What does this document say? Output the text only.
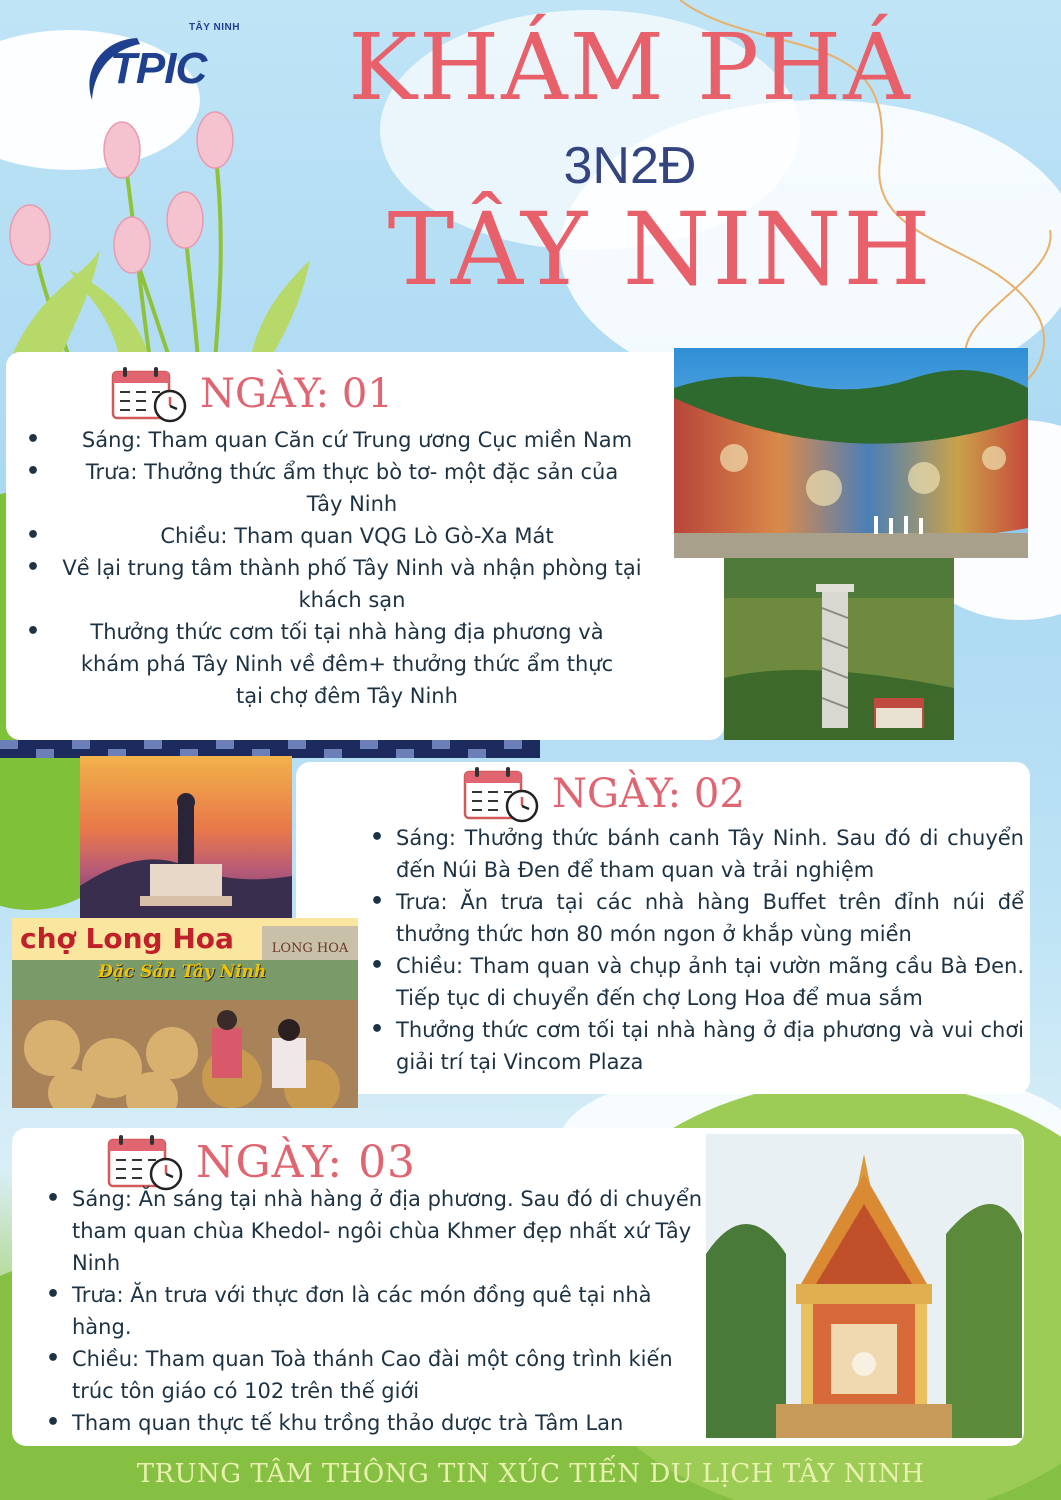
TÂY NINH
TPIC	KHÁM PHÁ
3N2Đ
TÂY NINH
NGÀY: 01
• Sáng: Tham quan Căn cứ Trung ương Cục miền Nam
• Trưa: Thưởng thức ẩm thực bò tơ- một đặc sản của Tây Ninh
• Chiều: Tham quan VQG Lò Gò-Xa Mát
• Về lại trung tâm thành phố Tây Ninh và nhận phòng tại khách sạn
• Thưởng thức cơm tối tại nhà hàng địa phương và khám phá Tây Ninh về đêm+ thưởng thức ẩm thực tại chợ đêm Tây Ninh
NGÀY: 02
• Sáng: Thưởng thức bánh canh Tây Ninh. Sau đó di chuyển đến Núi Bà Đen để tham quan và trải nghiệm
• Trưa: Ăn trưa tại các nhà hàng Buffet trên đỉnh núi để thưởng thức hơn 80 món ngon ở khắp vùng miền
• Chiều: Tham quan và chụp ảnh tại vườn mãng cầu Bà Đen. Tiếp tục di chuyển đến chợ Long Hoa để mua sắm
• Thưởng thức cơm tối tại nhà hàng ở địa phương và vui chơi giải trí tại Vincom Plaza
LONG HOA
chợ Long Hoa
Đặc Sản Tây Ninh
NGÀY: 03
• Sáng: Ăn sáng tại nhà hàng ở địa phương. Sau đó di chuyển tham quan chùa Khedol- ngôi chùa Khmer đẹp nhất xứ Tây Ninh
• Trưa: Ăn trưa với thực đơn là các món đồng quê tại nhà hàng.
• Chiều: Tham quan Toà thánh Cao đài một công trình kiến trúc tôn giáo có 102 trên thế giới
• Tham quan thực tế khu trồng thảo dược trà Tâm Lan
TRUNG TÂM THÔNG TIN XÚC TIẾN DU LỊCH TÂY NINH
